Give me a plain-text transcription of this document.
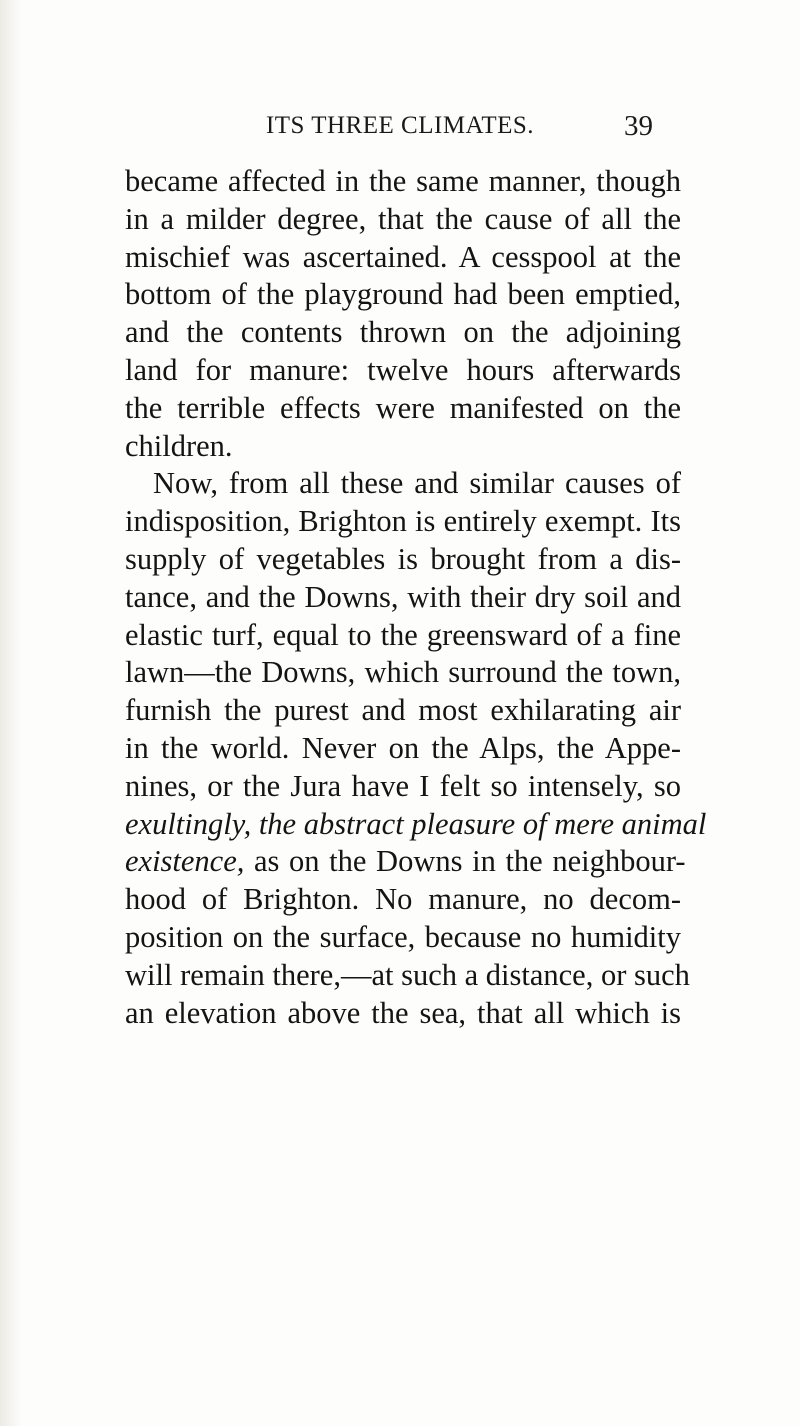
ITS THREE CLIMATES.	39
became affected in the same manner, though
in a milder degree, that the cause of all the
mischief was ascertained. A cesspool at the
bottom of the playground had been emptied,
and the contents thrown on the adjoining
land for manure: twelve hours afterwards
the terrible effects were manifested on the
children.
Now, from all these and similar causes of
indisposition, Brighton is entirely exempt. Its
supply of vegetables is brought from a dis-
tance, and the Downs, with their dry soil and
elastic turf, equal to the greensward of a fine
lawn—the Downs, which surround the town,
furnish the purest and most exhilarating air
in the world. Never on the Alps, the Appe-
nines, or the Jura have I felt so intensely, so
exultingly, the abstract pleasure of mere animal
existence, as on the Downs in the neighbour-
hood of Brighton. No manure, no decom-
position on the surface, because no humidity
will remain there,—at such a distance, or such
an elevation above the sea, that all which is
